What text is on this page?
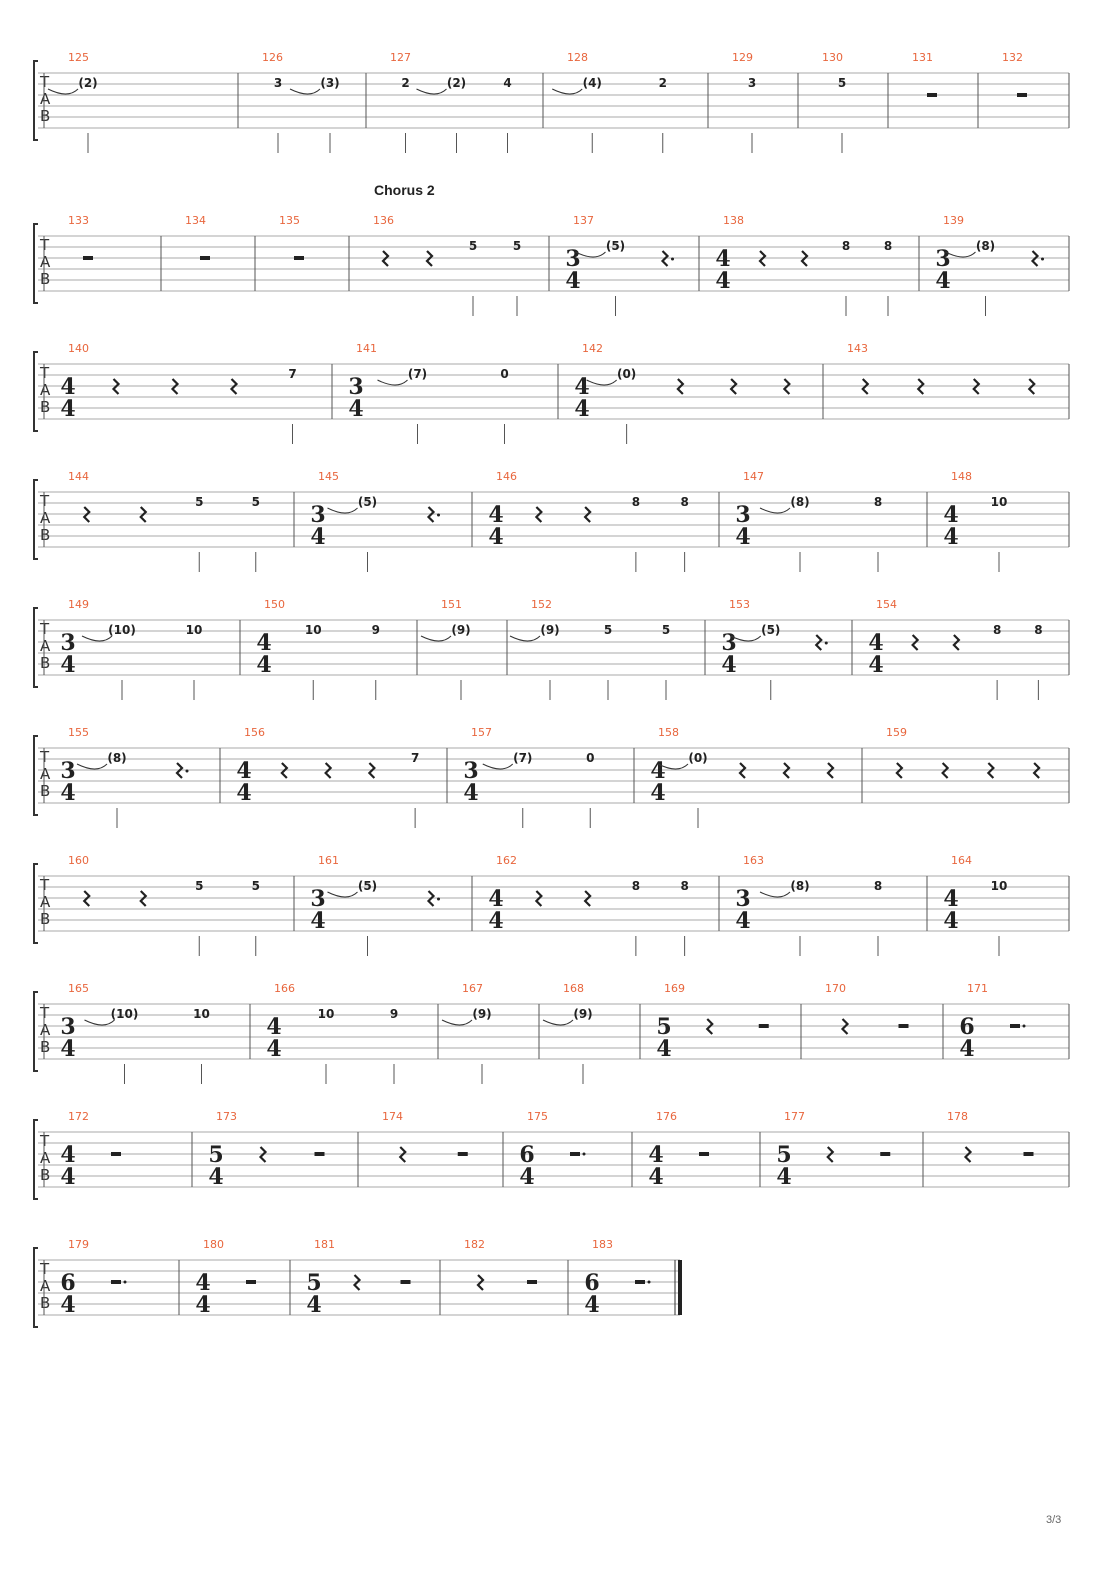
T
A
B
125
(2)
126
3	(3)
127
2	(2)	4
128
(4)	2
129
3
130
5
131	132
T
A
B
133	134	135	136
5	5
137
3
4
(5)
138
4
4
8	8
139
3
4
(8)
T
A
B
140
4
4
7
141
3
4
(7)	0
142
4
4
(0)
143
T
A
B
144
5	5
145
3
4
(5)
146
4
4
8	8
147
3
4
(8)	8
148
4
4
10
T
A
B
149
3
4
(10)	10
150
4
4
10	9
151
(9)
152
(9)	5	5
153
3
4
(5)
154
4
4
8	8
T
A
B
155
3
4
(8)
156
4
4
7
157
3
4
(7)	0
158
4
4
(0)
159
T
A
B
160
5	5
161
3
4
(5)
162
4
4
8	8
163
3
4
(8)	8
164
4
4
10
T
A
B
165
3
4
(10)	10
166
4
4
10	9
167
(9)
168
(9)
169
5
4
170	171
6
4
T
A
B
172
4
4
173
5
4
174	175
6
4
176
4
4
177
5
4
178
T
A
B
179
6
4
180
4
4
181
5
4
182	183
6
4
Chorus 2
3/3
